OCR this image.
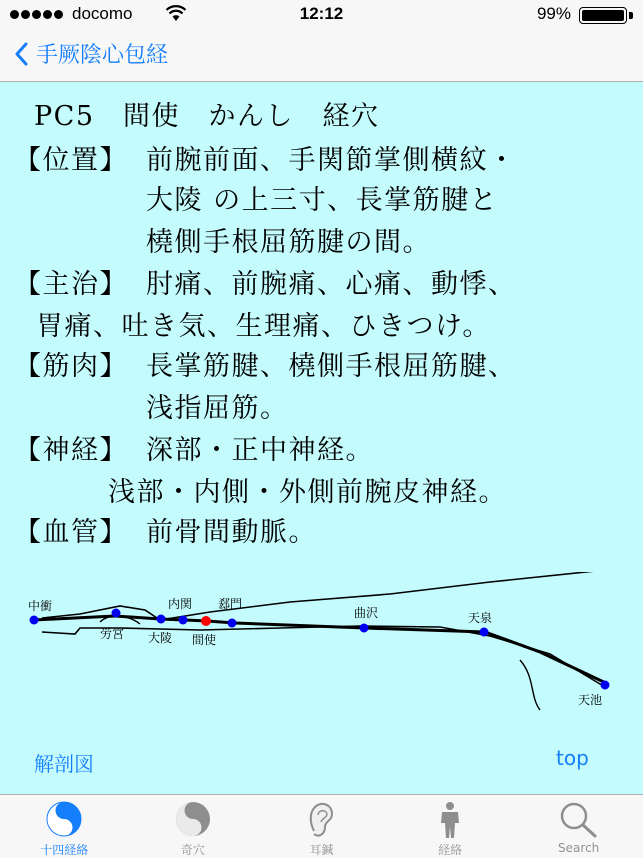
docomo	12:12	99%
手厥陰心包経
PC5　間使　かんし　経穴
【位置】 前腕前面、手関節掌側横紋・
大陵 の上三寸、長掌筋腱と
橈側手根屈筋腱の間。
【主治】 肘痛、前腕痛、心痛、動悸、
胃痛、吐き気、生理痛、ひきつけ。
【筋肉】 長掌筋腱、橈側手根屈筋腱、
浅指屈筋。
【神経】 深部・正中神経。
浅部・内側・外側前腕皮神経。
【血管】 前骨間動脈。
中衝
労宮 大陵
内関
間使
郄門
曲沢	天泉
天池
解剖図	top
十四経絡	奇穴	耳鍼	経絡	Search
